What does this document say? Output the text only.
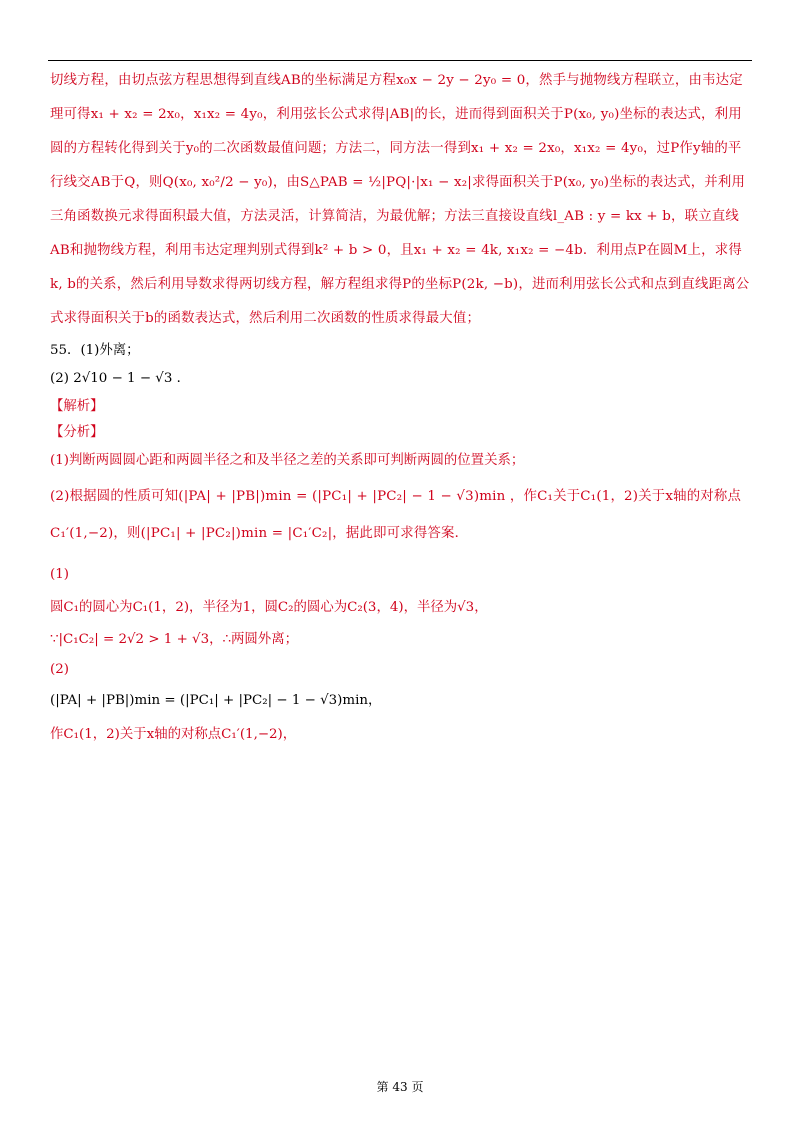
切线方程，由切点弦方程思想得到直线AB的坐标满足方程x₀x − 2y − 2y₀ = 0，然手与抛物线方程联立，由韦达定理可得x₁ + x₂ = 2x₀，x₁x₂ = 4y₀，利用弦长公式求得|AB|的长，进而得到面积关于P(x₀, y₀)坐标的表达式，利用圆的方程转化得到关于y₀的二次函数最值问题；方法二，同方法一得到x₁ + x₂ = 2x₀，x₁x₂ = 4y₀，过P作y轴的平行线交AB于Q，则Q(x₀, x₀²/2 − y₀)，由S△PAB = ½|PQ|·|x₁ − x₂|求得面积关于P(x₀, y₀)坐标的表达式，并利用三角函数换元求得面积最大值，方法灵活，计算简洁，为最优解；方法三直接设直线l_AB : y = kx + b，联立直线AB和抛物线方程，利用韦达定理判别式得到k² + b > 0，且x₁ + x₂ = 4k, x₁x₂ = −4b．利用点P在圆M上，求得k, b的关系，然后利用导数求得两切线方程，解方程组求得P的坐标P(2k, −b)，进而利用弦长公式和点到直线距离公式求得面积关于b的函数表达式，然后利用二次函数的性质求得最大值；

55．(1)外离；

(2) 2√10 − 1 − √3 ．

【解析】

【分析】

(1)判断两圆圆心距和两圆半径之和及半径之差的关系即可判断两圆的位置关系；

(2)根据圆的性质可知(|PA| + |PB|)min = (|PC₁| + |PC₂| − 1 − √3)min ，作C₁关于C₁(1，2)关于x轴的对称点C₁′(1,−2)，则(|PC₁| + |PC₂|)min = |C₁′C₂|，据此即可求得答案．

(1)

圆C₁的圆心为C₁(1，2)，半径为1，圆C₂的圆心为C₂(3，4)，半径为√3，

∵|C₁C₂| = 2√2 > 1 + √3，∴两圆外离；

(2)

(|PA| + |PB|)min = (|PC₁| + |PC₂| − 1 − √3)min，

作C₁(1，2)关于x轴的对称点C₁′(1,−2)，

第 43 页
